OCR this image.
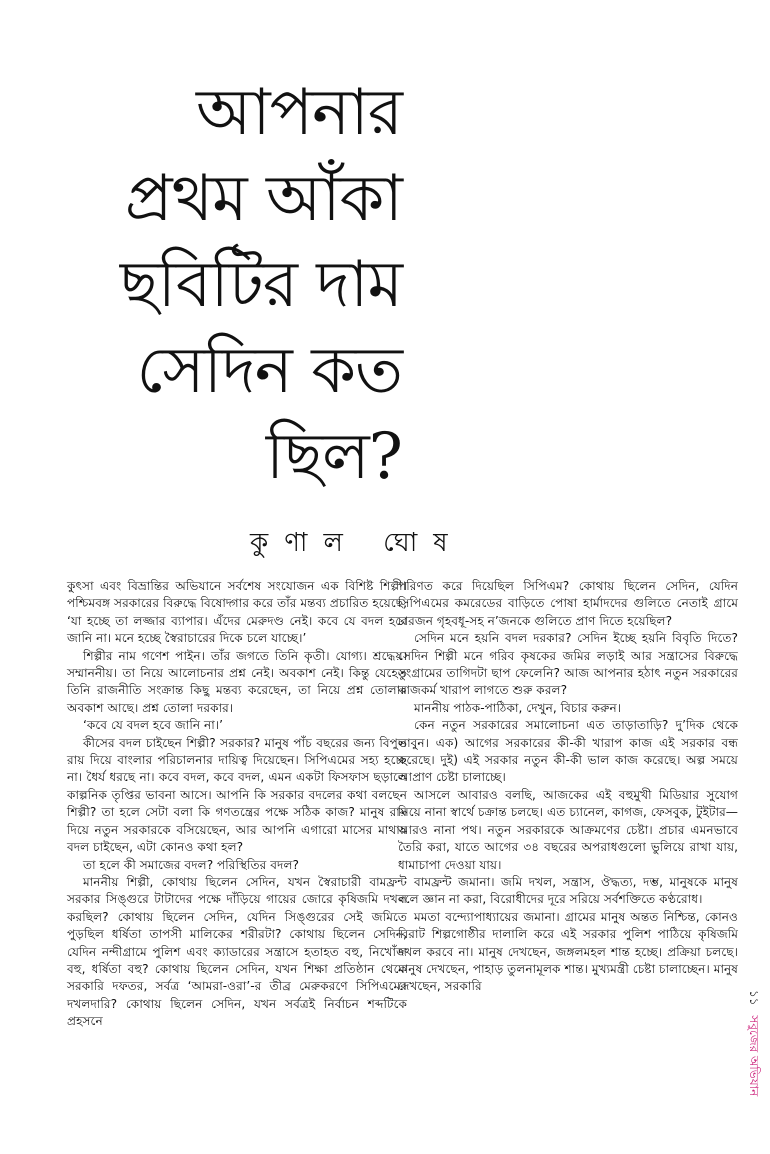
আপনার
প্রথম আঁকা
ছবিটির দাম
সেদিন কত
ছিল?
কুণাল ঘোষ

কুৎসা এবং বিভ্রান্তির অভিযানে সর্বশেষ সংযোজন এক বিশিষ্ট শিল্পী। পশ্চিমবঙ্গ সরকারের বিরুদ্ধে বিষোদ্গার করে তাঁর মন্তব্য প্রচারিত হয়েছে, ‘যা হচ্ছে তা লজ্জার ব্যাপার। এঁদের মেরুদণ্ড নেই। কবে যে বদল হবে জানি না। মনে হচ্ছে স্বৈরাচারের দিকে চলে যাচ্ছে।’

শিল্পীর নাম গণেশ পাইন। তাঁর জগতে তিনি কৃতী। যোগ্য। শ্রদ্ধেয়। সম্মাননীয়। তা নিয়ে আলোচনার প্রশ্ন নেই। অবকাশ নেই। কিন্তু যেহেতু তিনি রাজনীতি সংক্রান্ত কিছু মন্তব্য করেছেন, তা নিয়ে প্রশ্ন তোলার অবকাশ আছে। প্রশ্ন তোলা দরকার।

‘কবে যে বদল হবে জানি না।’

কীসের বদল চাইছেন শিল্পী? সরকার? মানুষ পাঁচ বছরের জন্য বিপুল রায় দিয়ে বাংলার পরিচালনার দায়িত্ব দিয়েছেন। সিপিএমের সহ্য হচ্ছে না। ধৈর্য ধরছে না। কবে বদল, কবে বদল, এমন একটা ফিসফাস ছড়ালে কাল্পনিক তৃপ্তির ভাবনা আসে। আপনি কি সরকার বদলের কথা বলছেন শিল্পী? তা হলে সেটা বলা কি গণতন্ত্রের পক্ষে সঠিক কাজ? মানুষ রায় দিয়ে নতুন সরকারকে বসিয়েছেন, আর আপনি এগারো মাসের মাথায় বদল চাইছেন, এটা কোনও কথা হল?

তা হলে কী সমাজের বদল? পরিস্থিতির বদল?

মাননীয় শিল্পী, কোথায় ছিলেন সেদিন, যখন স্বৈরাচারী বামফ্রন্ট সরকার সিঙ্গুরে টাটাদের পক্ষে দাঁড়িয়ে গায়ের জোরে কৃষিজমি দখল করছিল? কোথায় ছিলেন সেদিন, যেদিন সিঙ্গুরের সেই জমিতে পুড়ছিল ধর্ষিতা তাপসী মালিকের শরীরটা? কোথায় ছিলেন সেদিন, যেদিন নন্দীগ্রামে পুলিশ এবং ক্যাডারের সন্ত্রাসে হতাহত বহু, নিখোঁজ বহু, ধর্ষিতা বহু? কোথায় ছিলেন সেদিন, যখন শিক্ষা প্রতিষ্ঠান থেকে সরকারি দফতর, সর্বত্র ‘আমরা-ওরা’-র তীব্র মেরুকরণে সিপিএমের দখলদারি? কোথায় ছিলেন সেদিন, যখন সর্বত্রই নির্বাচন শব্দটিকে প্রহসনে

পরিণত করে দিয়েছিল সিপিএম? কোথায় ছিলেন সেদিন, যেদিন সিপিএমের কমরেডের বাড়িতে পোষা হার্মাদদের গুলিতে নেতাই গ্রামে চারজন গৃহবধূ-সহ ন’জনকে গুলিতে প্রাণ দিতে হয়েছিল?

সেদিন মনে হয়নি বদল দরকার? সেদিন ইচ্ছে হয়নি বিবৃতি দিতে? সেদিন শিল্পী মনে গরিব কৃষকের জমির লড়াই আর সন্ত্রাসের বিরুদ্ধে সংগ্রামের তাগিদটা ছাপ ফেলেনি? আজ আপনার হঠাৎ নতুন সরকারের কাজকর্ম খারাপ লাগতে শুরু করল?

মাননীয় পাঠক-পাঠিকা, দেখুন, বিচার করুন।

কেন নতুন সরকারের সমালোচনা এত তাড়াতাড়ি? দু’দিক থেকে ভাবুন। এক) আগের সরকারের কী-কী খারাপ কাজ এই সরকার বন্ধ করেছে। দুই) এই সরকার নতুন কী-কী ভাল কাজ করেছে। অল্প সময়ে আপ্রাণ চেষ্টা চালাচ্ছে।

আসলে আবারও বলছি, আজকের এই বহুমুখী মিডিয়ার সুযোগ নিয়ে নানা স্বার্থে চক্রান্ত চলছে। এত চ্যানেল, কাগজ, ফেসবুক, টুইটার—আরও নানা পথ। নতুন সরকারকে আক্রমণের চেষ্টা। প্রচার এমনভাবে তৈরি করা, যাতে আগের ৩৪ বছরের অপরাধগুলো ভুলিয়ে রাখা যায়, ধামাচাপা দেওয়া যায়।

বামফ্রন্ট জমানা। জমি দখল, সন্ত্রাস, ঔদ্ধত্য, দম্ভ, মানুষকে মানুষ বলে জ্ঞান না করা, বিরোধীদের দূরে সরিয়ে সর্বশক্তিতে কণ্ঠরোধ।

মমতা বন্দ্যোপাধ্যায়ের জমানা। গ্রামের মানুষ অন্তত নিশ্চিন্ত, কোনও বিরাট শিল্পগোষ্ঠীর দালালি করে এই সরকার পুলিশ পাঠিয়ে কৃষিজমি দখল করবে না। মানুষ দেখছেন, জঙ্গলমহল শান্ত হচ্ছে। প্রক্রিয়া চলছে। মানুষ দেখছেন, পাহাড় তুলনামূলক শান্ত। মুখ্যমন্ত্রী চেষ্টা চালাচ্ছেন। মানুষ দেখছেন, সরকারি

১১ সবুজের অভিযান
